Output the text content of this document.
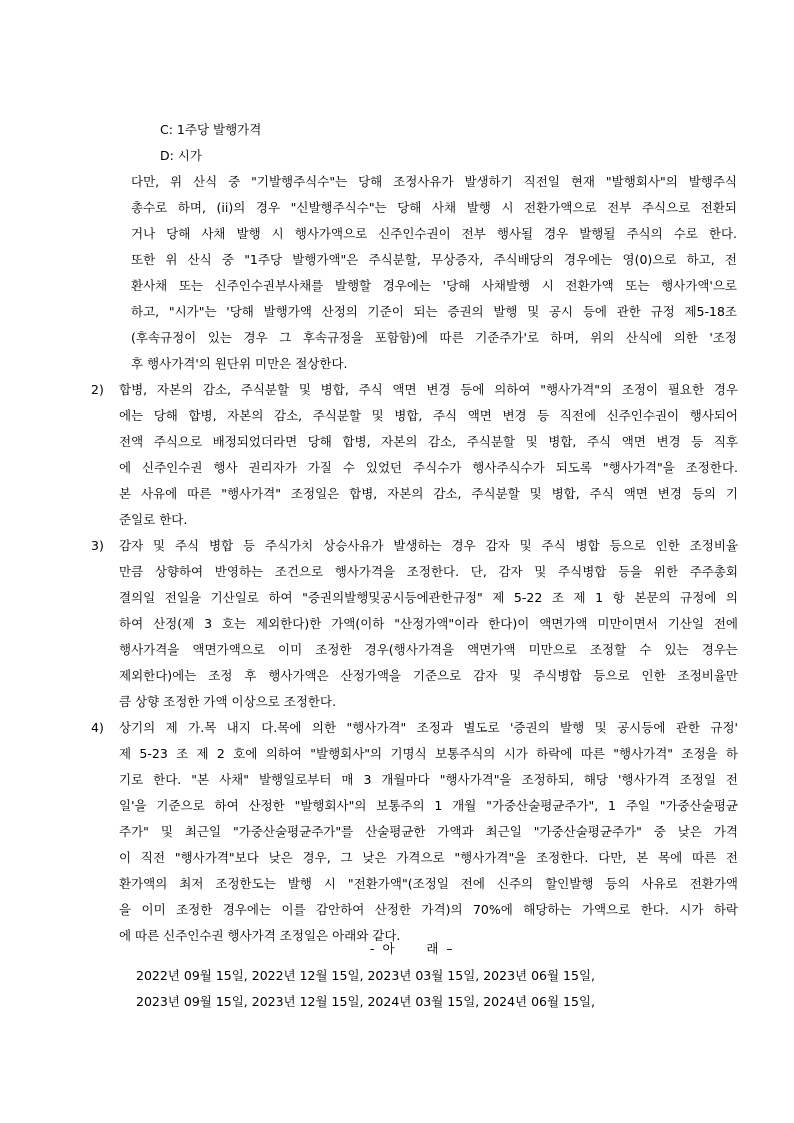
C: 1주당 발행가격
D: 시가
다만, 위 산식 중 "기발행주식수"는 당해 조정사유가 발생하기 직전일 현재 "발행회사"의 발행주식
총수로 하며, (ii)의 경우 "신발행주식수"는 당해 사채 발행 시 전환가액으로 전부 주식으로 전환되
거나 당해 사채 발행 시 행사가액으로 신주인수권이 전부 행사될 경우 발행될 주식의 수로 한다.
또한 위 산식 중 "1주당 발행가액"은 주식분할, 무상증자, 주식배당의 경우에는 영(0)으로 하고, 전
환사채 또는 신주인수권부사채를 발행할 경우에는 '당해 사채발행 시 전환가액 또는 행사가액'으로
하고, "시가"는 '당해 발행가액 산정의 기준이 되는 증권의 발행 및 공시 등에 관한 규정 제5-18조
(후속규정이 있는 경우 그 후속규정을 포함함)에 따른 기준주가'로 하며, 위의 산식에 의한 '조정
후 행사가격'의 원단위 미만은 절상한다.
2) 합병, 자본의 감소, 주식분할 및 병합, 주식 액면 변경 등에 의하여 "행사가격"의 조정이 필요한 경우
에는 당해 합병, 자본의 감소, 주식분할 및 병합, 주식 액면 변경 등 직전에 신주인수권이 행사되어
전액 주식으로 배정되었더라면 당해 합병, 자본의 감소, 주식분할 및 병합, 주식 액면 변경 등 직후
에 신주인수권 행사 권리자가 가질 수 있었던 주식수가 행사주식수가 되도록 "행사가격"을 조정한다.
본 사유에 따른 "행사가격" 조정일은 합병, 자본의 감소, 주식분할 및 병합, 주식 액면 변경 등의 기
준일로 한다.
3) 감자 및 주식 병합 등 주식가치 상승사유가 발생하는 경우 감자 및 주식 병합 등으로 인한 조정비율
만큼 상향하여 반영하는 조건으로 행사가격을 조정한다. 단, 감자 및 주식병합 등을 위한 주주총회
결의일 전일을 기산일로 하여 "증권의발행및공시등에관한규정" 제 5-22 조 제 1 항 본문의 규정에 의
하여 산정(제 3 호는 제외한다)한 가액(이하 "산정가액"이라 한다)이 액면가액 미만이면서 기산일 전에
행사가격을 액면가액으로 이미 조정한 경우(행사가격을 액면가액 미만으로 조정할 수 있는 경우는
제외한다)에는 조정 후 행사가액은 산정가액을 기준으로 감자 및 주식병합 등으로 인한 조정비율만
큼 상향 조정한 가액 이상으로 조정한다.
4) 상기의 제 가.목 내지 다.목에 의한 "행사가격" 조정과 별도로 '증권의 발행 및 공시등에 관한 규정'
제 5-23 조 제 2 호에 의하여 "발행회사"의 기명식 보통주식의 시가 하락에 따른 "행사가격" 조정을 하
기로 한다. "본 사채" 발행일로부터 매 3 개월마다 "행사가격"을 조정하되, 해당 '행사가격 조정일 전
일'을 기준으로 하여 산정한 "발행회사"의 보통주의 1 개월 "가중산술평균주가", 1 주일 "가중산술평균
주가" 및 최근일 "가중산술평균주가"를 산술평균한 가액과 최근일 "가중산술평균주가" 중 낮은 가격
이 직전 "행사가격"보다 낮은 경우, 그 낮은 가격으로 "행사가격"을 조정한다. 다만, 본 목에 따른 전
환가액의 최저 조정한도는 발행 시 "전환가액"(조정일 전에 신주의 할인발행 등의 사유로 전환가액
을 이미 조정한 경우에는 이를 감안하여 산정한 가격)의 70%에 해당하는 가액으로 한다. 시가 하락
에 따른 신주인수권 행사가격 조정일은 아래와 같다.
-  아        래  –
2022년 09월 15일, 2022년 12월 15일, 2023년 03월 15일, 2023년 06월 15일,
2023년 09월 15일, 2023년 12월 15일, 2024년 03월 15일, 2024년 06월 15일,
